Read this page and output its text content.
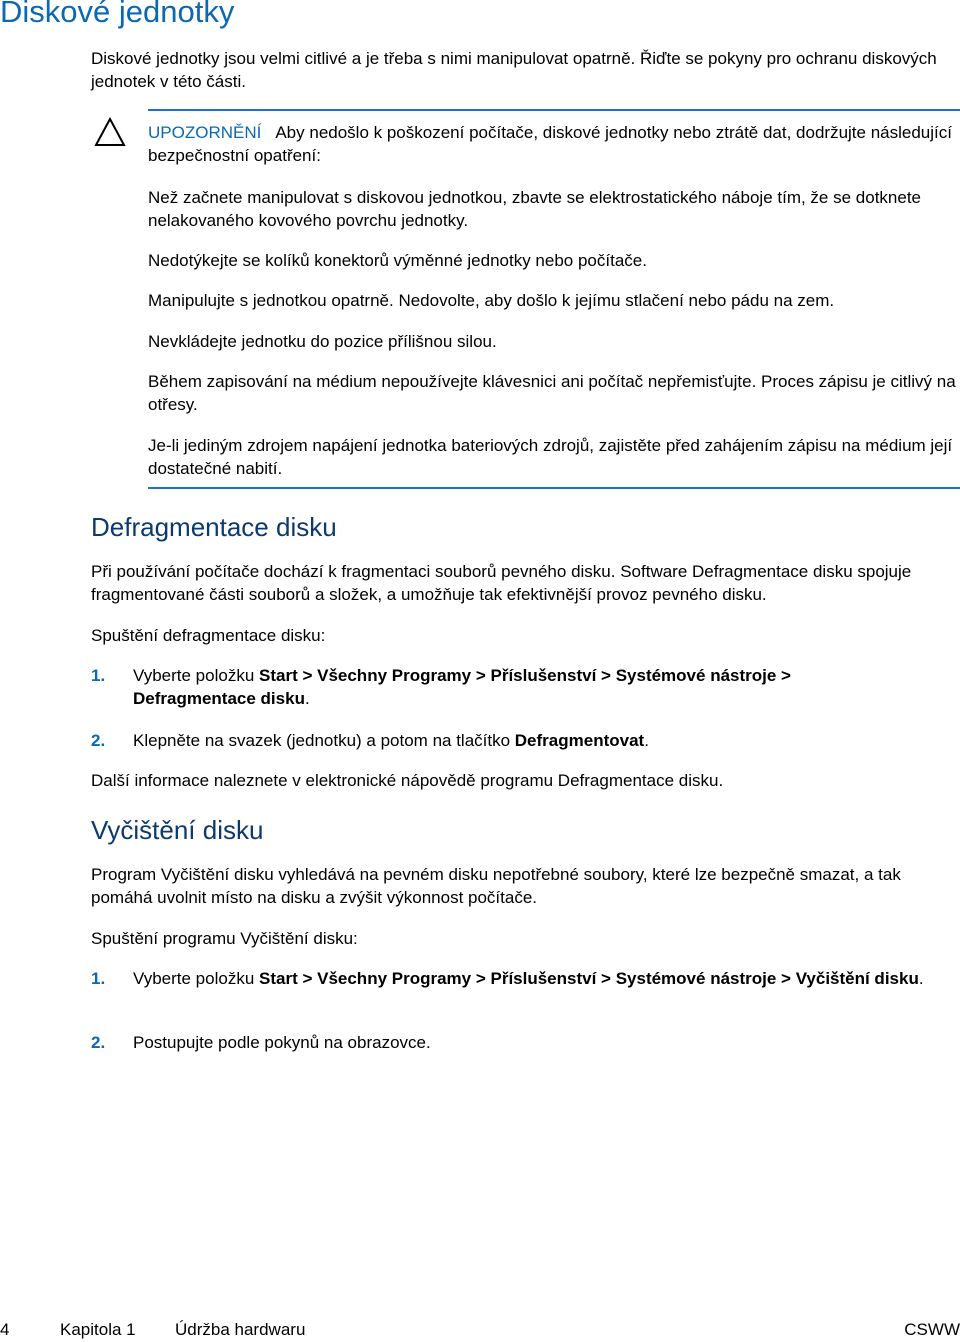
Diskové jednotky
Diskové jednotky jsou velmi citlivé a je třeba s nimi manipulovat opatrně. Řiďte se pokyny pro ochranu diskových jednotek v této části.
UPOZORNĚNÍ Aby nedošlo k poškození počítače, diskové jednotky nebo ztrátě dat, dodržujte následující bezpečnostní opatření:
Než začnete manipulovat s diskovou jednotkou, zbavte se elektrostatického náboje tím, že se dotknete nelakovaného kovového povrchu jednotky.
Nedotýkejte se kolíků konektorů výměnné jednotky nebo počítače.
Manipulujte s jednotkou opatrně. Nedovolte, aby došlo k jejímu stlačení nebo pádu na zem.
Nevkládejte jednotku do pozice přílišnou silou.
Během zapisování na médium nepoužívejte klávesnici ani počítač nepřemisťujte. Proces zápisu je citlivý na otřesy.
Je-li jediným zdrojem napájení jednotka bateriových zdrojů, zajistěte před zahájením zápisu na médium její dostatečné nabití.
Defragmentace disku
Při používání počítače dochází k fragmentaci souborů pevného disku. Software Defragmentace disku spojuje fragmentované části souborů a složek, a umožňuje tak efektivnější provoz pevného disku.
Spuštění defragmentace disku:
1.	Vyberte položku Start > Všechny Programy > Příslušenství > Systémové nástroje > Defragmentace disku.
2.	Klepněte na svazek (jednotku) a potom na tlačítko Defragmentovat.
Další informace naleznete v elektronické nápovědě programu Defragmentace disku.
Vyčištění disku
Program Vyčištění disku vyhledává na pevném disku nepotřebné soubory, které lze bezpečně smazat, a tak pomáhá uvolnit místo na disku a zvýšit výkonnost počítače.
Spuštění programu Vyčištění disku:
1.	Vyberte položku Start > Všechny Programy > Příslušenství > Systémové nástroje > Vyčištění disku.
2.	Postupujte podle pokynů na obrazovce.
4	Kapitola 1 Údržba hardwaru	CSWW
